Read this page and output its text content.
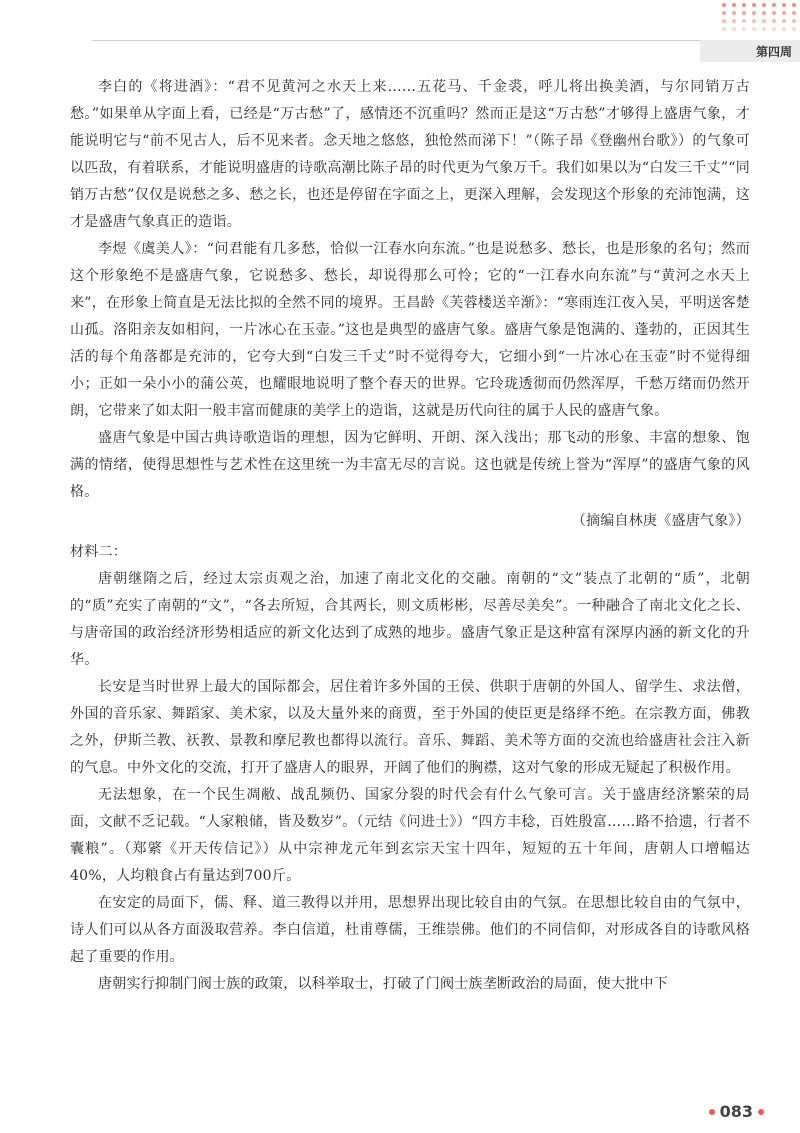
第四周

李白的《将进酒》：“君不见黄河之水天上来……五花马、千金裘，呼儿将出换美酒，与尔同销万古愁。”如果单从字面上看，已经是“万古愁”了，感情还不沉重吗？然而正是这“万古愁”才够得上盛唐气象，才能说明它与“前不见古人，后不见来者。念天地之悠悠，独怆然而涕下！”（陈子昂《登幽州台歌》）的气象可以匹敌，有着联系，才能说明盛唐的诗歌高潮比陈子昂的时代更为气象万千。我们如果以为“白发三千丈”“同销万古愁”仅仅是说愁之多、愁之长，也还是停留在字面之上，更深入理解，会发现这个形象的充沛饱满，这才是盛唐气象真正的造诣。

李煜《虞美人》：“问君能有几多愁，恰似一江春水向东流。”也是说愁多、愁长，也是形象的名句；然而这个形象绝不是盛唐气象，它说愁多、愁长，却说得那么可怜；它的“一江春水向东流”与“黄河之水天上来”，在形象上简直是无法比拟的全然不同的境界。王昌龄《芙蓉楼送辛渐》：“寒雨连江夜入吴，平明送客楚山孤。洛阳亲友如相问，一片冰心在玉壶。”这也是典型的盛唐气象。盛唐气象是饱满的、蓬勃的，正因其生活的每个角落都是充沛的，它夸大到“白发三千丈”时不觉得夸大，它细小到“一片冰心在玉壶”时不觉得细小；正如一朵小小的蒲公英，也耀眼地说明了整个春天的世界。它玲珑透彻而仍然浑厚，千愁万绪而仍然开朗，它带来了如太阳一般丰富而健康的美学上的造诣，这就是历代向往的属于人民的盛唐气象。

盛唐气象是中国古典诗歌造诣的理想，因为它鲜明、开朗、深入浅出；那飞动的形象、丰富的想象、饱满的情绪，使得思想性与艺术性在这里统一为丰富无尽的言说。这也就是传统上誉为“浑厚”的盛唐气象的风格。

（摘编自林庚《盛唐气象》）

材料二：

唐朝继隋之后，经过太宗贞观之治，加速了南北文化的交融。南朝的“文”装点了北朝的“质”，北朝的“质”充实了南朝的“文”，“各去所短，合其两长，则文质彬彬，尽善尽美矣”。一种融合了南北文化之长、与唐帝国的政治经济形势相适应的新文化达到了成熟的地步。盛唐气象正是这种富有深厚内涵的新文化的升华。

长安是当时世界上最大的国际都会，居住着许多外国的王侯、供职于唐朝的外国人、留学生、求法僧，外国的音乐家、舞蹈家、美术家，以及大量外来的商贾，至于外国的使臣更是络绎不绝。在宗教方面，佛教之外，伊斯兰教、祆教、景教和摩尼教也都得以流行。音乐、舞蹈、美术等方面的交流也给盛唐社会注入新的气息。中外文化的交流，打开了盛唐人的眼界，开阔了他们的胸襟，这对气象的形成无疑起了积极作用。

无法想象，在一个民生凋敝、战乱频仍、国家分裂的时代会有什么气象可言。关于盛唐经济繁荣的局面，文献不乏记载。“人家粮储，皆及数岁”。（元结《问进士》）“四方丰稔，百姓殷富……路不拾遗，行者不囊粮”。（郑綮《开天传信记》）从中宗神龙元年到玄宗天宝十四年，短短的五十年间，唐朝人口增幅达40%，人均粮食占有量达到700斤。

在安定的局面下，儒、释、道三教得以并用，思想界出现比较自由的气氛。在思想比较自由的气氛中，诗人们可以从各方面汲取营养。李白信道，杜甫尊儒，王维崇佛。他们的不同信仰，对形成各自的诗歌风格起了重要的作用。

唐朝实行抑制门阀士族的政策，以科举取士，打破了门阀士族垄断政治的局面，使大批中下

083
